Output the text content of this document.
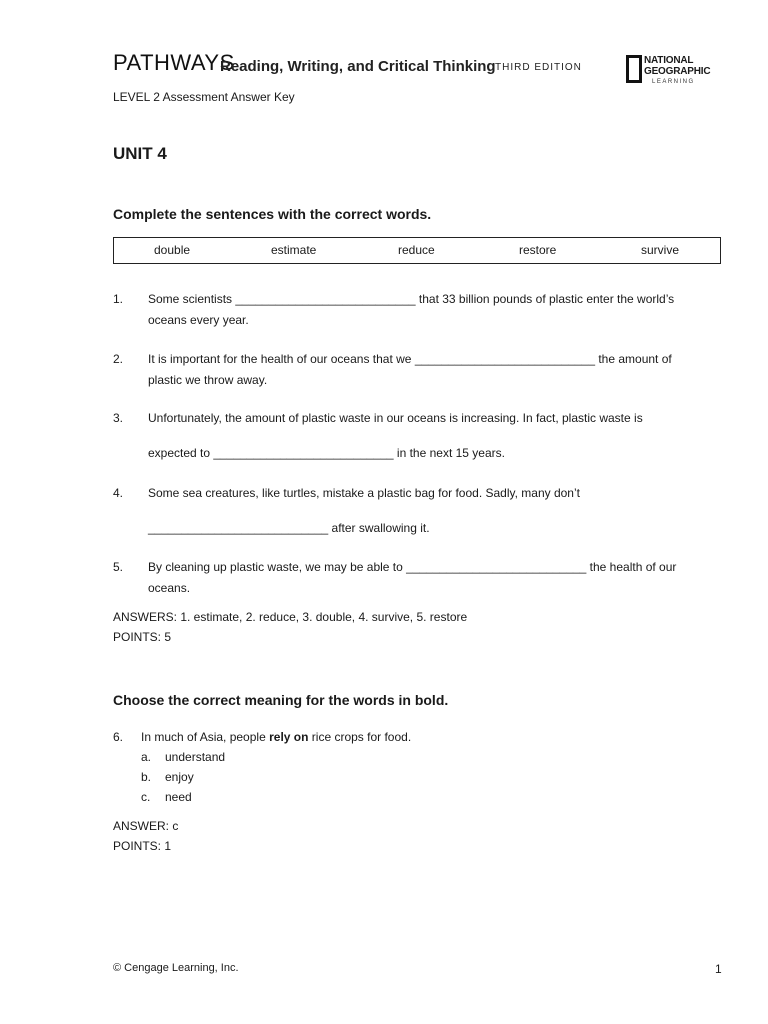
PATHWAYS
Reading, Writing, and Critical Thinking THIRD EDITION
NATIONAL
GEOGRAPHIC
LEARNING
LEVEL 2 Assessment Answer Key
UNIT 4
Complete the sentences with the correct words.
double	estimate	reduce	restore	survive
1. Some scientists ___________________________ that 33 billion pounds of plastic enter the world’s
oceans every year.
2. It is important for the health of our oceans that we ___________________________ the amount of
plastic we throw away.
3. Unfortunately, the amount of plastic waste in our oceans is increasing. In fact, plastic waste is
expected to ___________________________ in the next 15 years.
4. Some sea creatures, like turtles, mistake a plastic bag for food. Sadly, many don’t
___________________________ after swallowing it.
5. By cleaning up plastic waste, we may be able to ___________________________ the health of our
oceans.
ANSWERS: 1. estimate, 2. reduce, 3. double, 4. survive, 5. restore
POINTS: 5
Choose the correct meaning for the words in bold.
6. In much of Asia, people rely on rice crops for food.
a. understand
b. enjoy
c. need
ANSWER: c
POINTS: 1
© Cengage Learning, Inc.	1
